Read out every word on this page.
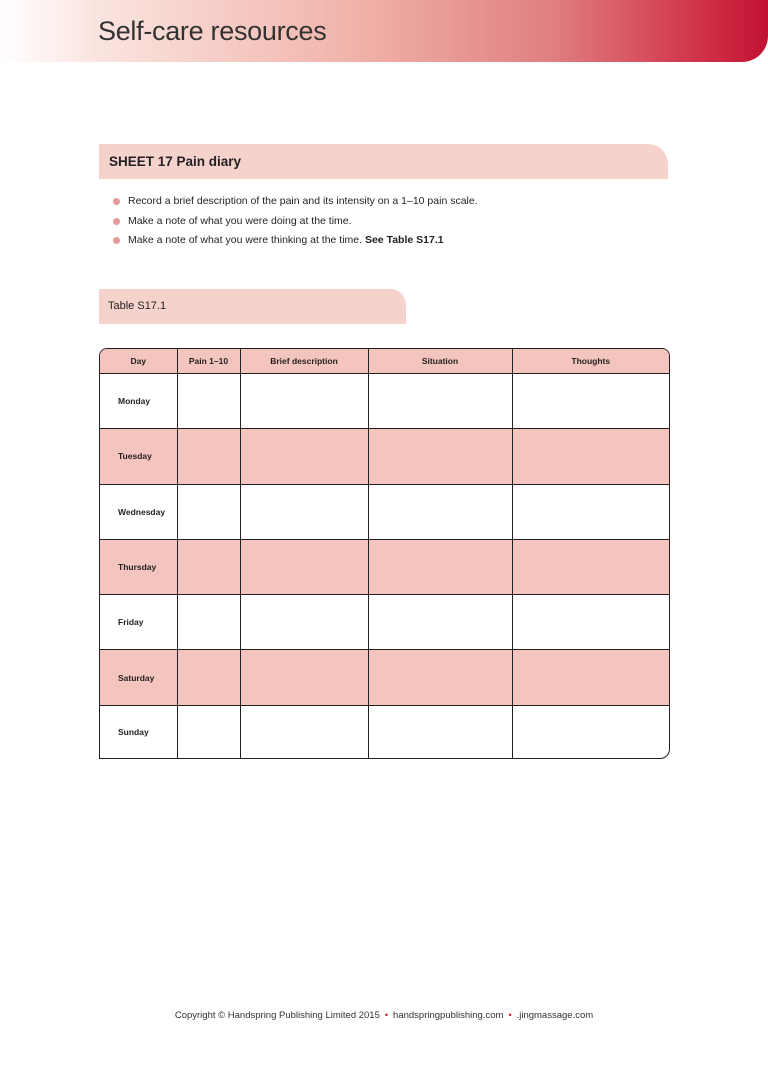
Self-care resources
SHEET 17 Pain diary
Record a brief description of the pain and its intensity on a 1–10 pain scale.
Make a note of what you were doing at the time.
Make a note of what you were thinking at the time. See Table S17.1
Table S17.1
Day	Pain 1–10	Brief description	Situation	Thoughts
Monday				
Tuesday				
Wednesday				
Thursday				
Friday				
Saturday				
Sunday				
Copyright © Handspring Publishing Limited 2015 • handspringpublishing.com • .jingmassage.com
